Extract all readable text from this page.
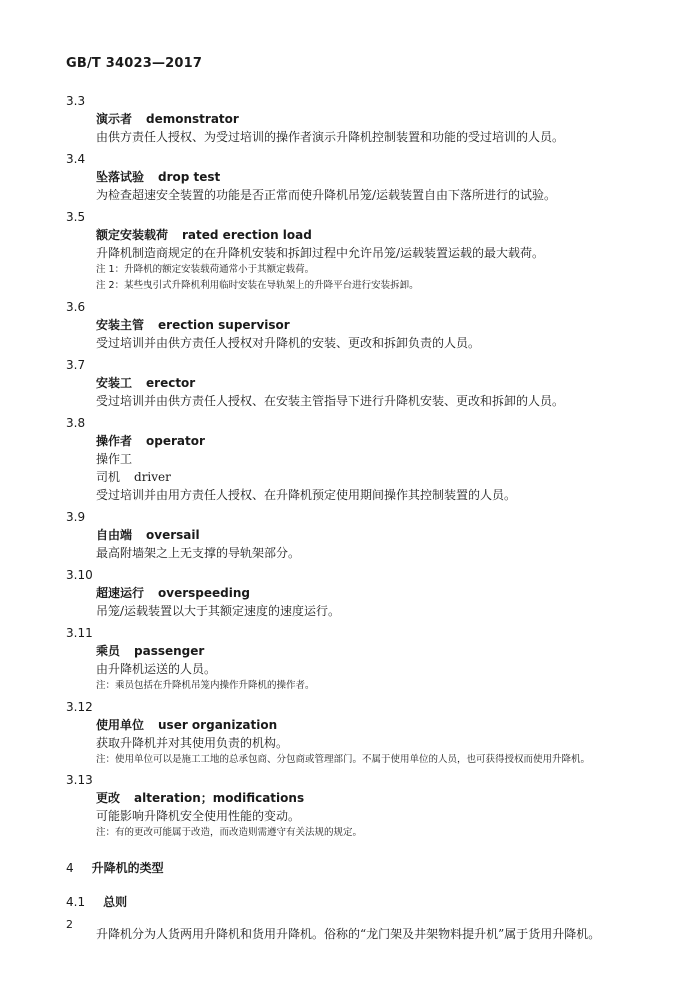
GB/T 34023—2017
3.3
演示者 demonstrator
由供方责任人授权、为受过培训的操作者演示升降机控制装置和功能的受过培训的人员。
3.4
坠落试验 drop test
为检查超速安全装置的功能是否正常而使升降机吊笼/运载装置自由下落所进行的试验。
3.5
额定安装载荷 rated erection load
升降机制造商规定的在升降机安装和拆卸过程中允许吊笼/运载装置运载的最大载荷。
注 1：升降机的额定安装载荷通常小于其额定载荷。
注 2：某些曳引式升降机利用临时安装在导轨架上的升降平台进行安装拆卸。
3.6
安装主管 erection supervisor
受过培训并由供方责任人授权对升降机的安装、更改和拆卸负责的人员。
3.7
安装工 erector
受过培训并由供方责任人授权、在安装主管指导下进行升降机安装、更改和拆卸的人员。
3.8
操作者 operator
操作工
司机 driver
受过培训并由用方责任人授权、在升降机预定使用期间操作其控制装置的人员。
3.9
自由端 oversail
最高附墙架之上无支撑的导轨架部分。
3.10
超速运行 overspeeding
吊笼/运载装置以大于其额定速度的速度运行。
3.11
乘员 passenger
由升降机运送的人员。
注：乘员包括在升降机吊笼内操作升降机的操作者。
3.12
使用单位 user organization
获取升降机并对其使用负责的机构。
注：使用单位可以是施工工地的总承包商、分包商或管理部门。不属于使用单位的人员，也可获得授权而使用升降机。
3.13
更改 alteration；modifications
可能影响升降机安全使用性能的变动。
注：有的更改可能属于改造，而改造则需遵守有关法规的规定。
4 升降机的类型
4.1 总则
升降机分为人货两用升降机和货用升降机。俗称的“龙门架及井架物料提升机”属于货用升降机。
2
